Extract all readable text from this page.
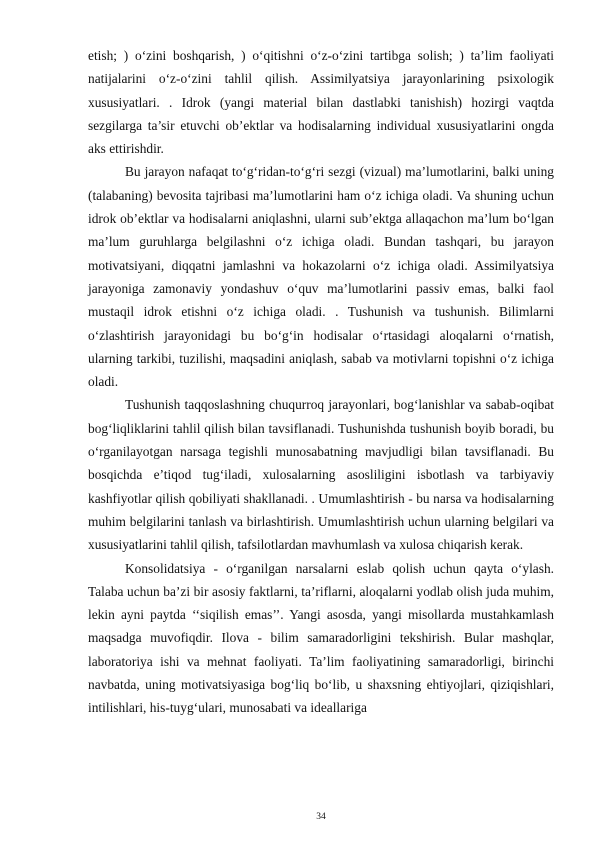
etish; ) o‘zini boshqarish, ) o‘qitishni o‘z-o‘zini tartibga solish; ) ta’lim faoliyati natijalarini o‘z-o‘zini tahlil qilish. Assimilyatsiya jarayonlarining psixologik xususiyatlari. . Idrok (yangi material bilan dastlabki tanishish) hozirgi vaqtda sezgilarga ta’sir etuvchi ob’ektlar va hodisalarning individual xususiyatlarini ongda aks ettirishdir.

Bu jarayon nafaqat to‘g‘ridan-to‘g‘ri sezgi (vizual) ma’lumotlarini, balki uning (talabaning) bevosita tajribasi ma’lumotlarini ham o‘z ichiga oladi. Va shuning uchun idrok ob’ektlar va hodisalarni aniqlashni, ularni sub’ektga allaqachon ma’lum bo‘lgan ma’lum guruhlarga belgilashni o‘z ichiga oladi. Bundan tashqari, bu jarayon motivatsiyani, diqqatni jamlashni va hokazolarni o‘z ichiga oladi. Assimilyatsiya jarayoniga zamonaviy yondashuv o‘quv ma’lumotlarini passiv emas, balki faol mustaqil idrok etishni o‘z ichiga oladi. . Tushunish va tushunish. Bilimlarni o‘zlashtirish jarayonidagi bu bo‘g‘in hodisalar o‘rtasidagi aloqalarni o‘rnatish, ularning tarkibi, tuzilishi, maqsadini aniqlash, sabab va motivlarni topishni o‘z ichiga oladi.

Tushunish taqqoslashning chuqurroq jarayonlari, bog‘lanishlar va sabab-oqibat bog‘liqliklarini tahlil qilish bilan tavsiflanadi. Tushunishda tushunish boyib boradi, bu o‘rganilayotgan narsaga tegishli munosabatning mavjudligi bilan tavsiflanadi. Bu bosqichda e’tiqod tug‘iladi, xulosalarning asosliligini isbotlash va tarbiyaviy kashfiyotlar qilish qobiliyati shakllanadi. . Umumlashtirish - bu narsa va hodisalarning muhim belgilarini tanlash va birlashtirish. Umumlashtirish uchun ularning belgilari va xususiyatlarini tahlil qilish, tafsilotlardan mavhumlash va xulosa chiqarish kerak.

Konsolidatsiya - o‘rganilgan narsalarni eslab qolish uchun qayta o‘ylash. Talaba uchun ba’zi bir asosiy faktlarni, ta’riflarni, aloqalarni yodlab olish juda muhim, lekin ayni paytda ‘‘siqilish emas’’. Yangi asosda, yangi misollarda mustahkamlash maqsadga muvofiqdir. Ilova - bilim samaradorligini tekshirish. Bular mashqlar, laboratoriya ishi va mehnat faoliyati. Ta’lim faoliyatining samaradorligi, birinchi navbatda, uning motivatsiyasiga bog‘liq bo‘lib, u shaxsning ehtiyojlari, qiziqishlari, intilishlari, his-tuyg‘ulari, munosabati va ideallariga

34
